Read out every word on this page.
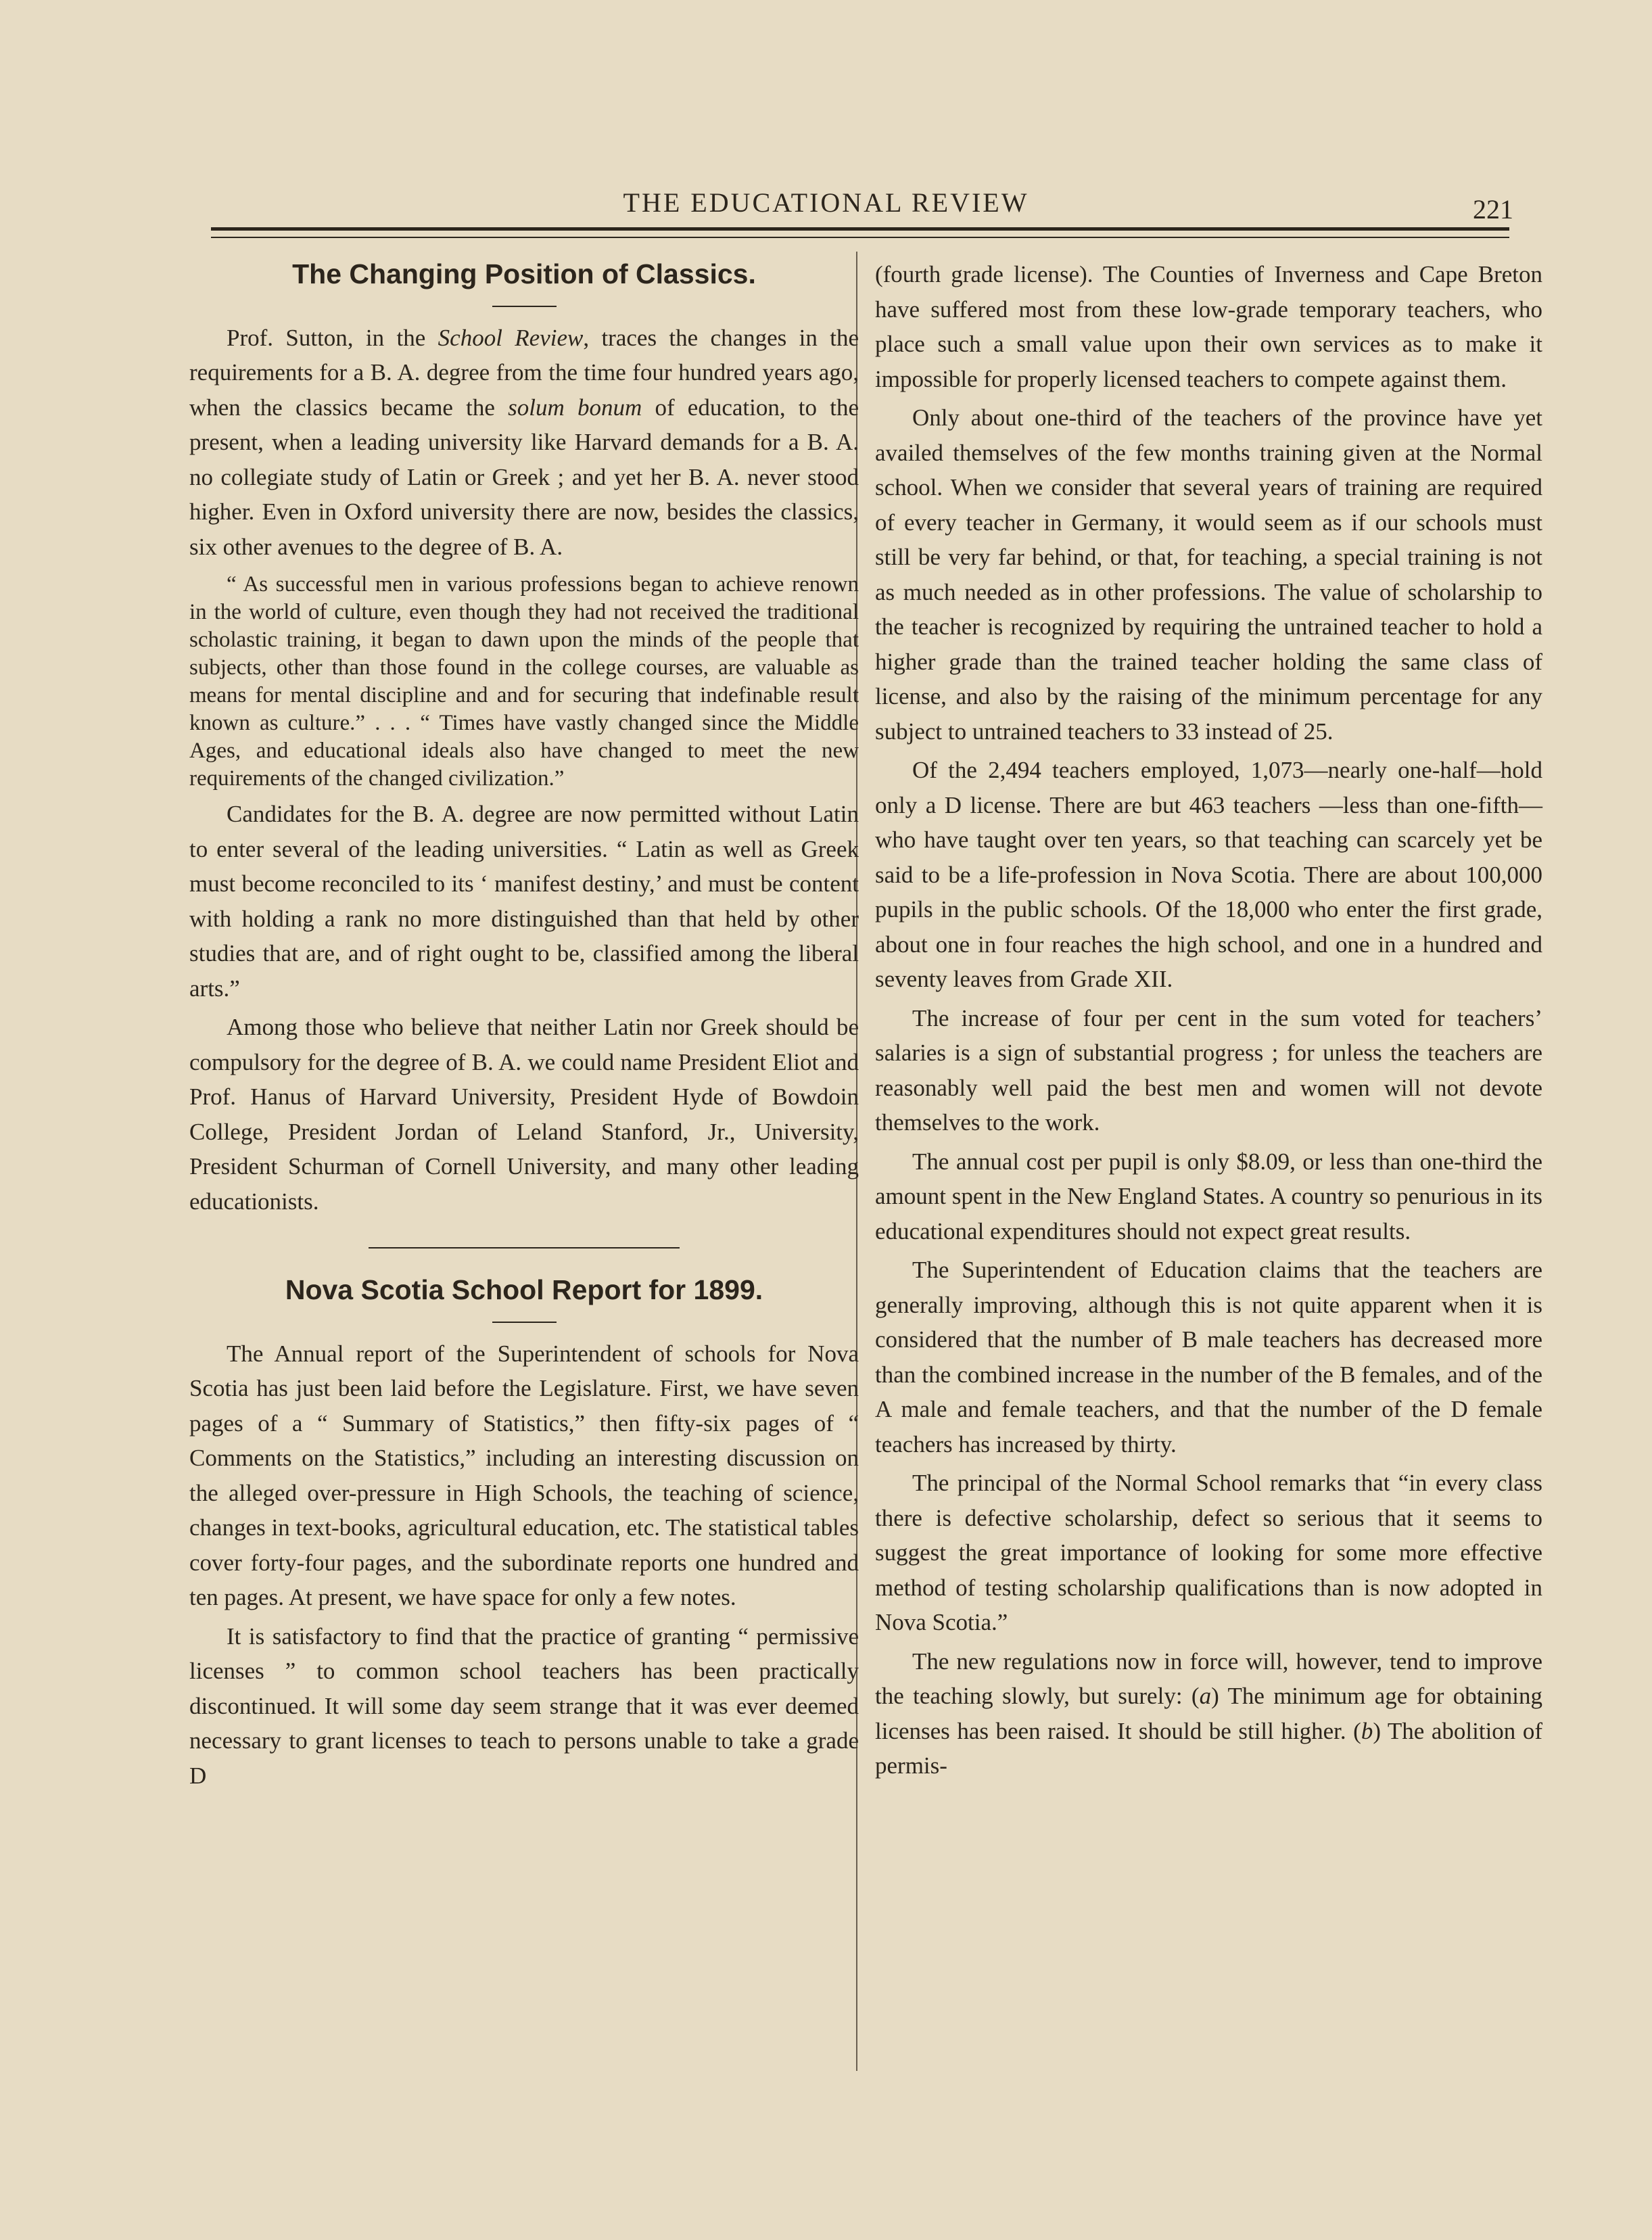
THE EDUCATIONAL REVIEW	221
The Changing Position of Classics.

Prof. Sutton, in the School Review, traces the changes in the requirements for a B. A. degree from the time four hundred years ago, when the classics became the solum bonum of education, to the present, when a leading university like Harvard demands for a B. A. no collegiate study of Latin or Greek ; and yet her B. A. never stood higher. Even in Oxford university there are now, besides the classics, six other avenues to the degree of B. A.

“ As successful men in various professions began to achieve renown in the world of culture, even though they had not received the traditional scholastic training, it began to dawn upon the minds of the people that subjects, other than those found in the college courses, are valuable as means for mental discipline and and for securing that indefinable result known as culture.” . . . “ Times have vastly changed since the Middle Ages, and educational ideals also have changed to meet the new requirements of the changed civilization.”

Candidates for the B. A. degree are now permitted without Latin to enter several of the leading universities. “ Latin as well as Greek must become reconciled to its ‘ manifest destiny,’ and must be content with holding a rank no more distinguished than that held by other studies that are, and of right ought to be, classified among the liberal arts.”

Among those who believe that neither Latin nor Greek should be compulsory for the degree of B. A. we could name President Eliot and Prof. Hanus of Harvard University, President Hyde of Bowdoin College, President Jordan of Leland Stanford, Jr., University, President Schurman of Cornell University, and many other leading educationists.

Nova Scotia School Report for 1899.

The Annual report of the Superintendent of schools for Nova Scotia has just been laid before the Legislature. First, we have seven pages of a “ Summary of Statistics,” then fifty-six pages of “ Comments on the Statistics,” including an interesting discussion on the alleged over-pressure in High Schools, the teaching of science, changes in text-books, agricultural education, etc. The statistical tables cover forty-four pages, and the subordinate reports one hundred and ten pages. At present, we have space for only a few notes.

It is satisfactory to find that the practice of granting “ permissive licenses ” to common school teachers has been practically discontinued. It will some day seem strange that it was ever deemed necessary to grant licenses to teach to persons unable to take a grade D

(fourth grade license). The Counties of Inverness and Cape Breton have suffered most from these low-grade temporary teachers, who place such a small value upon their own services as to make it impossible for properly licensed teachers to compete against them.

Only about one-third of the teachers of the province have yet availed themselves of the few months training given at the Normal school. When we consider that several years of training are required of every teacher in Germany, it would seem as if our schools must still be very far behind, or that, for teaching, a special training is not as much needed as in other professions. The value of scholarship to the teacher is recognized by requiring the untrained teacher to hold a higher grade than the trained teacher holding the same class of license, and also by the raising of the minimum percentage for any subject to untrained teachers to 33 instead of 25.

Of the 2,494 teachers employed, 1,073—nearly one-half—hold only a D license. There are but 463 teachers —less than one-fifth—who have taught over ten years, so that teaching can scarcely yet be said to be a life-profession in Nova Scotia. There are about 100,000 pupils in the public schools. Of the 18,000 who enter the first grade, about one in four reaches the high school, and one in a hundred and seventy leaves from Grade XII.

The increase of four per cent in the sum voted for teachers’ salaries is a sign of substantial progress ; for unless the teachers are reasonably well paid the best men and women will not devote themselves to the work.

The annual cost per pupil is only $8.09, or less than one-third the amount spent in the New England States. A country so penurious in its educational expenditures should not expect great results.

The Superintendent of Education claims that the teachers are generally improving, although this is not quite apparent when it is considered that the number of B male teachers has decreased more than the combined increase in the number of the B females, and of the A male and female teachers, and that the number of the D female teachers has increased by thirty.

The principal of the Normal School remarks that “in every class there is defective scholarship, defect so serious that it seems to suggest the great importance of looking for some more effective method of testing scholarship qualifications than is now adopted in Nova Scotia.”

The new regulations now in force will, however, tend to improve the teaching slowly, but surely: (a) The minimum age for obtaining licenses has been raised. It should be still higher. (b) The abolition of permis-
